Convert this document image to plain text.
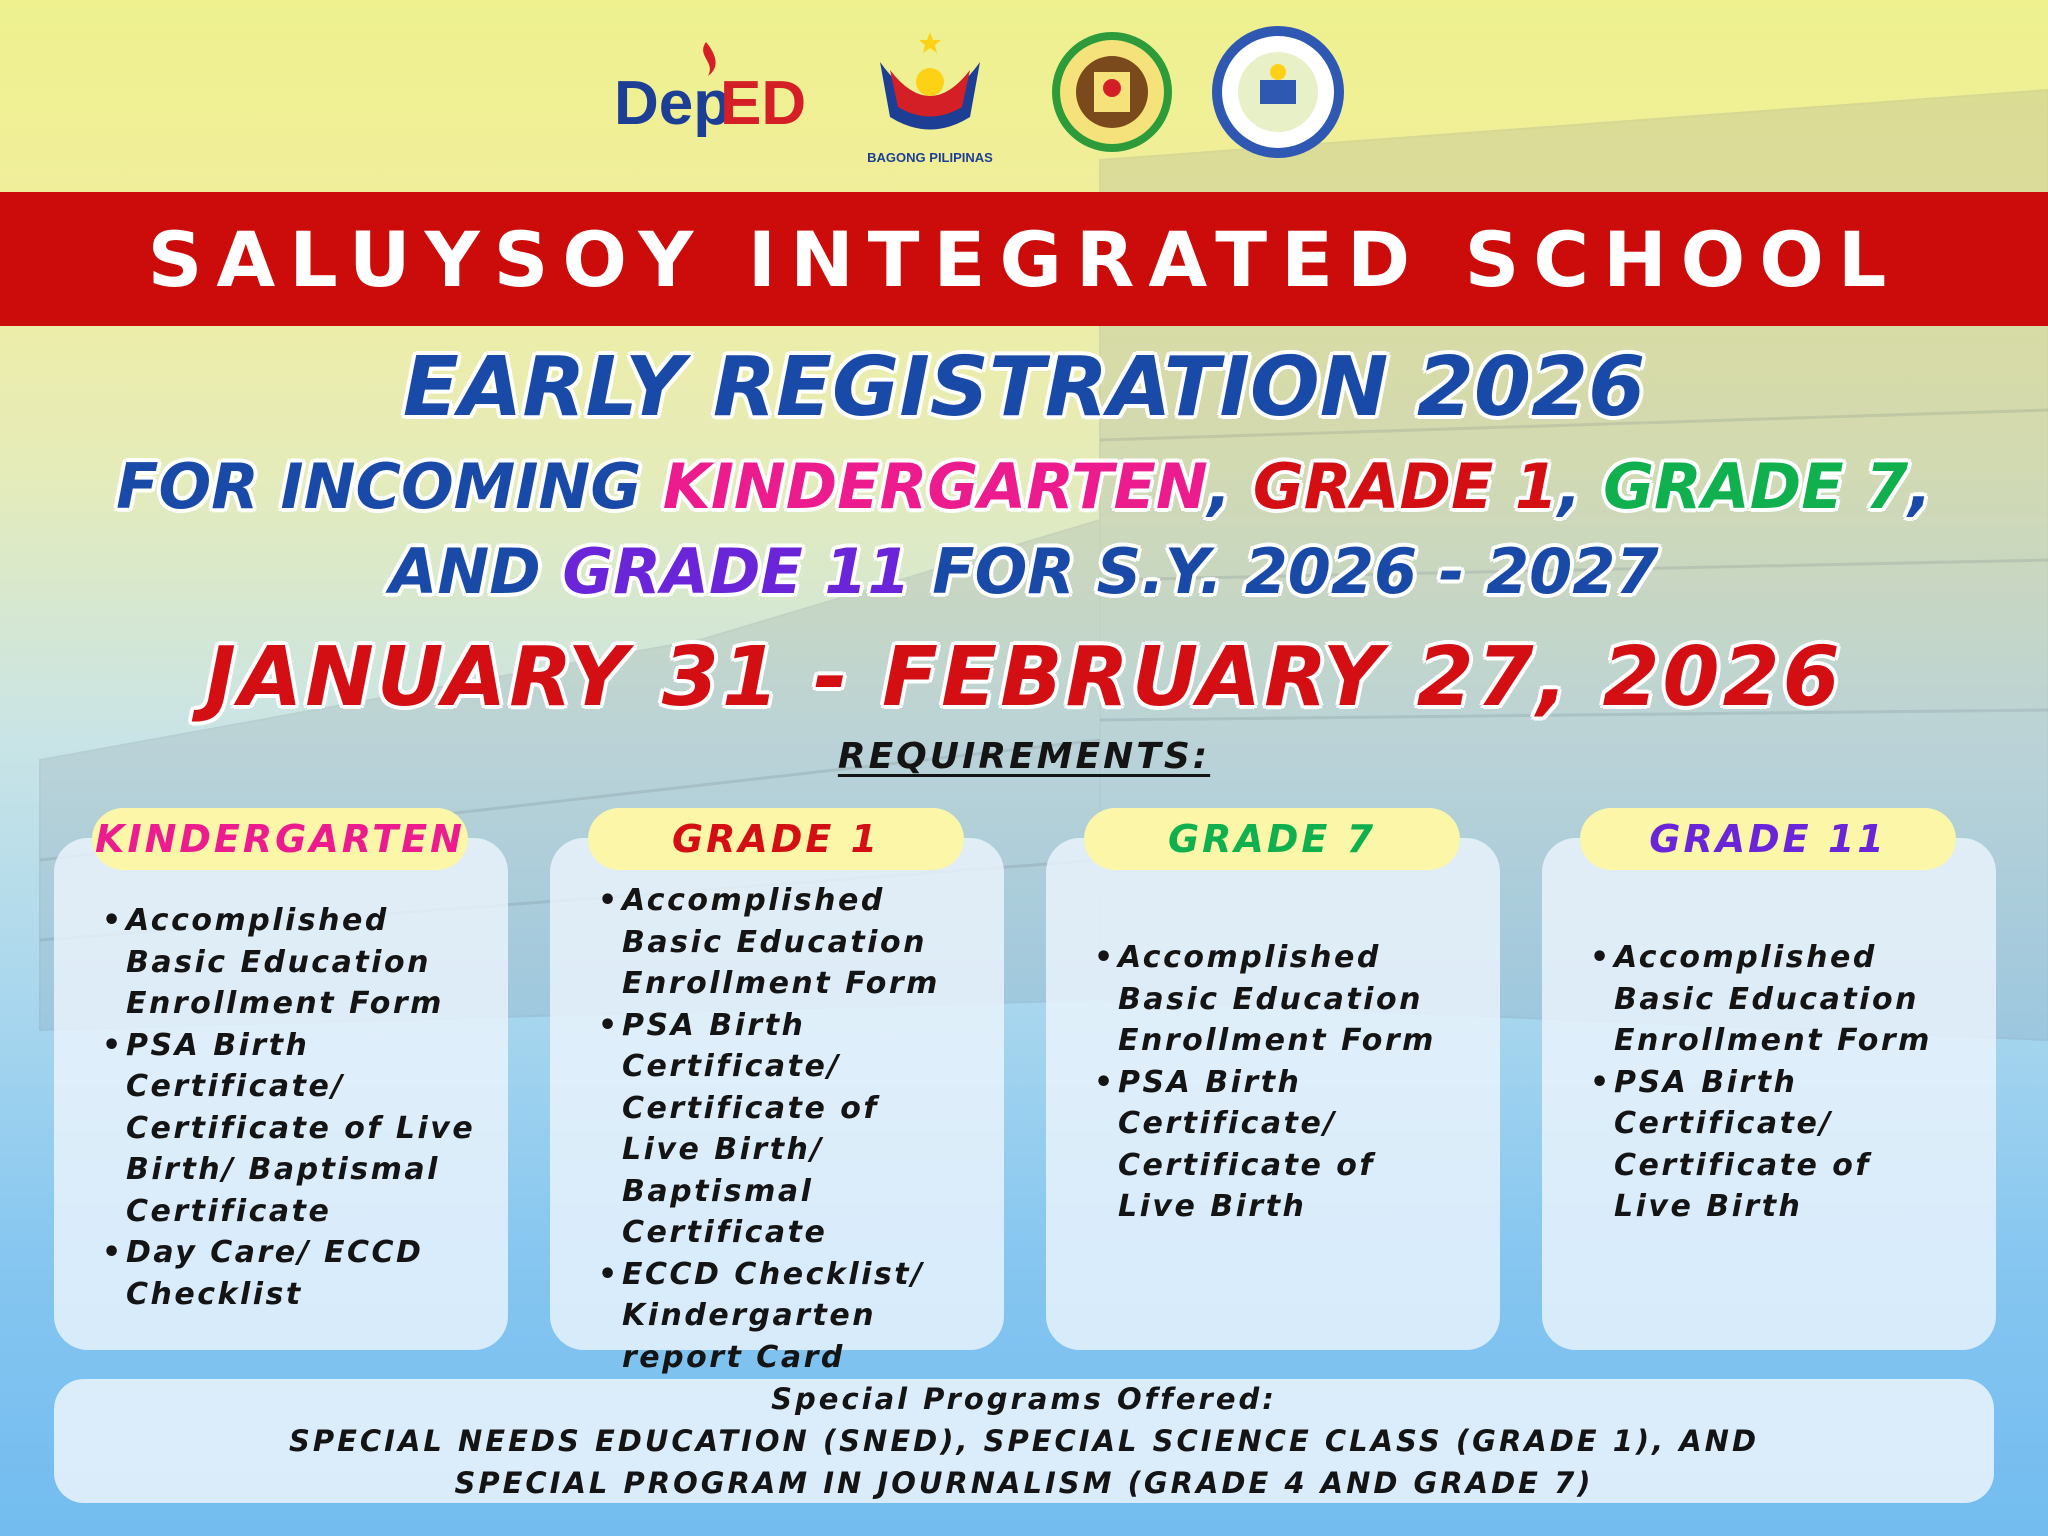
Dep
ED
BAGONG PILIPINAS
SALUYSOY INTEGRATED SCHOOL
EARLY REGISTRATION 2026
FOR INCOMING KINDERGARTEN, GRADE 1, GRADE 7,
AND GRADE 11 FOR S.Y. 2026 - 2027
JANUARY 31 - FEBRUARY 27, 2026
REQUIREMENTS:
KINDERGARTEN
• Accomplished Basic Education Enrollment Form
• PSA Birth Certificate/ Certificate of Live Birth/ Baptismal Certificate
• Day Care/ ECCD Checklist
GRADE 1
• Accomplished Basic Education Enrollment Form
• PSA Birth Certificate/ Certificate of Live Birth/ Baptismal Certificate
• ECCD Checklist/ Kindergarten report Card
GRADE 7
• Accomplished Basic Education Enrollment Form
• PSA Birth Certificate/ Certificate of Live Birth
GRADE 11
• Accomplished Basic Education Enrollment Form
• PSA Birth Certificate/ Certificate of Live Birth
Special Programs Offered:
SPECIAL NEEDS EDUCATION (SNED), SPECIAL SCIENCE CLASS (GRADE 1), AND
SPECIAL PROGRAM IN JOURNALISM (GRADE 4 AND GRADE 7)
